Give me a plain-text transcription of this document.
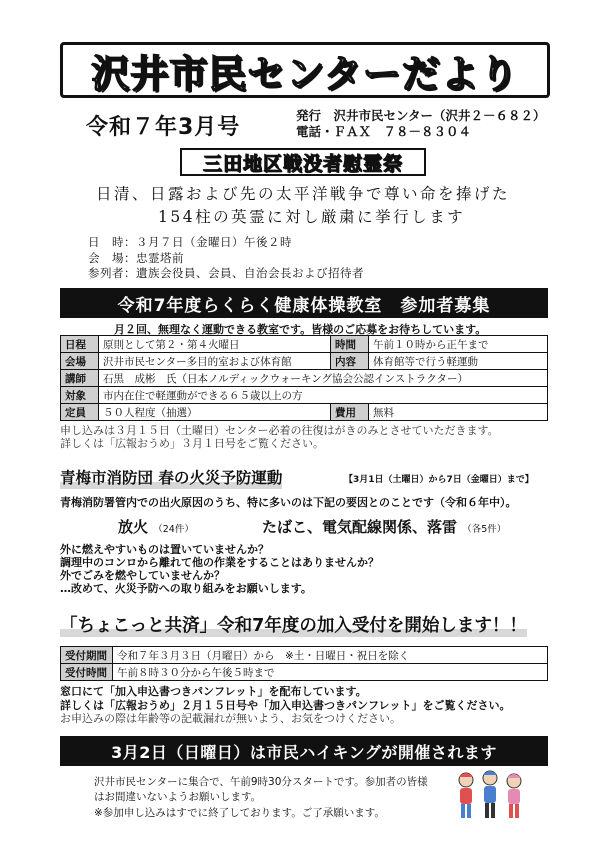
沢井市民センターだより
令和７年3月号	発行　沢井市民センター（沢井２－６８２）
電話・ＦＡＸ　７８－８３０４
三田地区戦没者慰霊祭
日清、日露および先の太平洋戦争で尊い命を捧げた
154柱の英霊に対し厳粛に挙行します
日　時：３月７日（金曜日）午後２時
会　場：忠霊塔前
参列者：遺族会役員、会員、自治会長および招待者
令和7年度らくらく健康体操教室　参加者募集
月２回、無理なく運動できる教室です。皆様のご応募をお待ちしています。
日程	原則として第２・第４火曜日	時間	午前１０時から正午まで
会場	沢井市民センター多目的室および体育館	内容	体育館等で行う軽運動
講師	石黒　成彬　氏（日本ノルディックウォーキング協会公認インストラクター）		
対象	市内在住で軽運動ができる６５歳以上の方		
定員	５０人程度（抽選）	費用	無料
申し込みは３月１５日（土曜日）センター必着の往復はがきのみとさせていただきます。
詳しくは「広報おうめ」３月１日号をご覧ください。
青梅市消防団 春の火災予防運動	【3月1日（土曜日）から7日（金曜日）まで】
青梅消防署管内での出火原因のうち、特に多いのは下記の要因とのことです（令和６年中）。
放火 （24件）	たばこ、電気配線関係、落雷 （各5件）
外に燃えやすいものは置いていませんか？
調理中のコンロから離れて他の作業をすることはありませんか？
外でごみを燃やしていませんか？
…改めて、火災予防への取り組みをお願いします。
「ちょこっと共済」令和7年度の加入受付を開始します！！
受付期間	令和７年３月３日（月曜日）から　※土・日曜日・祝日を除く
受付時間	午前８時３０分から午後５時まで
窓口にて「加入申込書つきパンフレット」を配布しています。
詳しくは「広報おうめ」２月１５日号や「加入申込書つきパンフレット」をご覧ください。
お申込みの際は年齢等の記載漏れが無いよう、お気をつけください。
3月2日（日曜日）は市民ハイキングが開催されます
沢井市民センターに集合で、午前9時30分スタートです。参加者の皆様
はお間違いないようお願いします。
※参加申し込みはすでに終了しております。ご了承願います。
